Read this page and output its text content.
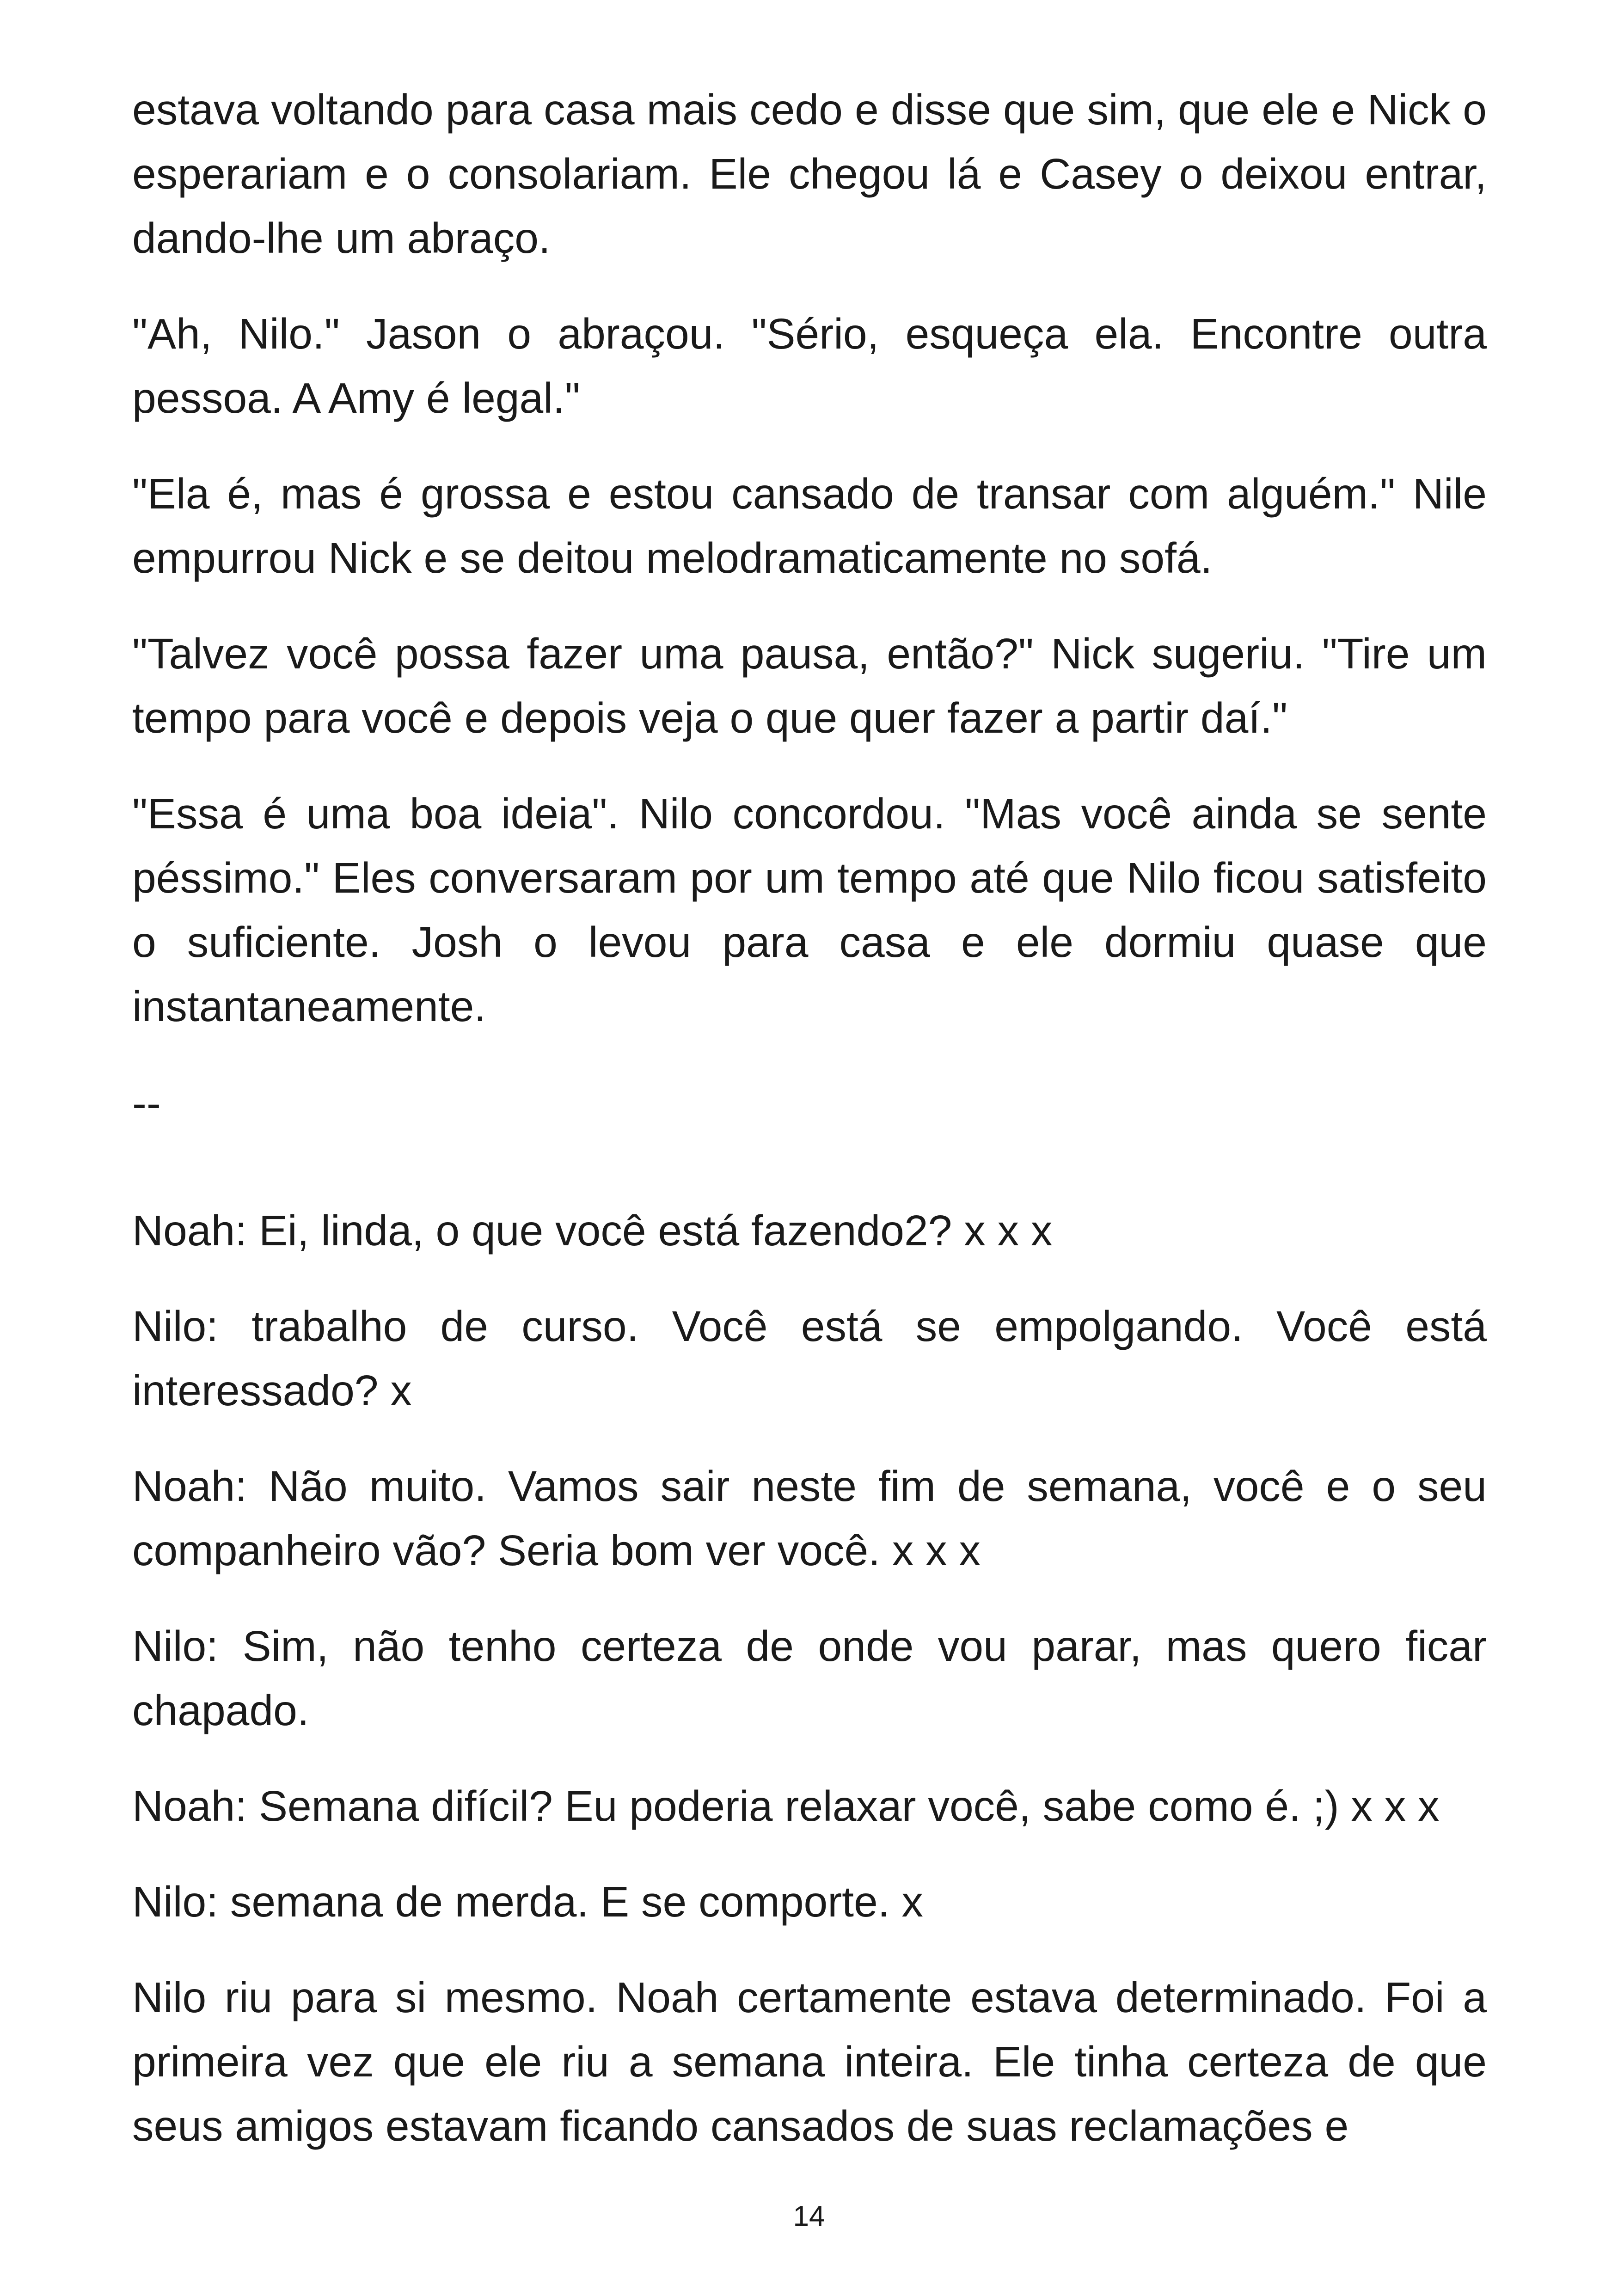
estava voltando para casa mais cedo e disse que sim, que ele e Nick o esperariam e o consolariam. Ele chegou lá e Casey o deixou entrar, dando-lhe um abraço.

"Ah, Nilo." Jason o abraçou. "Sério, esqueça ela. Encontre outra pessoa. A Amy é legal."

"Ela é, mas é grossa e estou cansado de transar com alguém." Nile empurrou Nick e se deitou melodramaticamente no sofá.

"Talvez você possa fazer uma pausa, então?" Nick sugeriu. "Tire um tempo para você e depois veja o que quer fazer a partir daí."

"Essa é uma boa ideia". Nilo concordou. "Mas você ainda se sente péssimo." Eles conversaram por um tempo até que Nilo ficou satisfeito o suficiente. Josh o levou para casa e ele dormiu quase que instantaneamente.

--

Noah: Ei, linda, o que você está fazendo2? x x x

Nilo: trabalho de curso. Você está se empolgando. Você está interessado? x

Noah: Não muito. Vamos sair neste fim de semana, você e o seu companheiro vão? Seria bom ver você. x x x

Nilo: Sim, não tenho certeza de onde vou parar, mas quero ficar chapado.

Noah: Semana difícil? Eu poderia relaxar você, sabe como é. ;) x x x

Nilo: semana de merda. E se comporte. x

Nilo riu para si mesmo. Noah certamente estava determinado. Foi a primeira vez que ele riu a semana inteira. Ele tinha certeza de que seus amigos estavam ficando cansados de suas reclamações e

14
